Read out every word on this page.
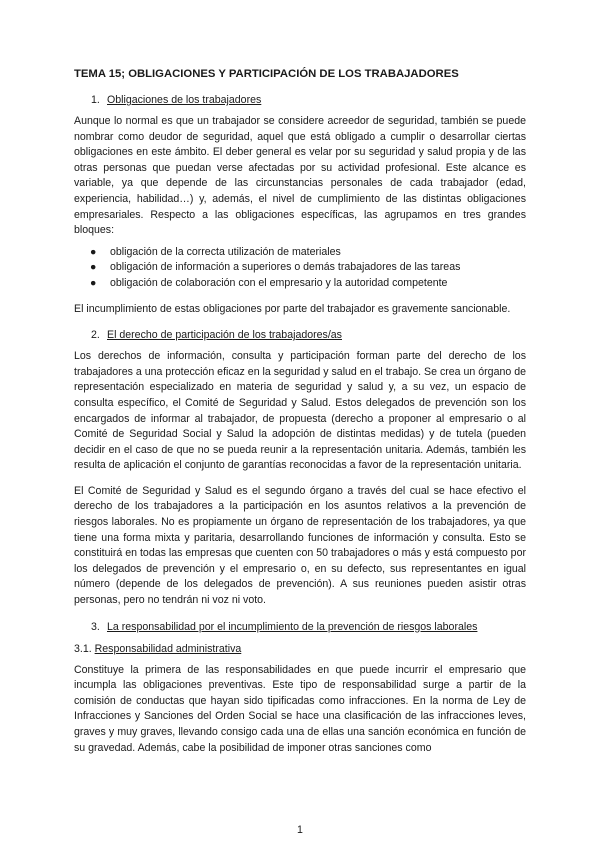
TEMA 15; OBLIGACIONES Y PARTICIPACIÓN DE LOS TRABAJADORES
1. Obligaciones de los trabajadores

Aunque lo normal es que un trabajador se considere acreedor de seguridad, también se puede nombrar como deudor de seguridad, aquel que está obligado a cumplir o desarrollar ciertas obligaciones en este ámbito. El deber general es velar por su seguridad y salud propia y de las otras personas que puedan verse afectadas por su actividad profesional. Este alcance es variable, ya que depende de las circunstancias personales de cada trabajador (edad, experiencia, habilidad…) y, además, el nivel de cumplimiento de las distintas obligaciones empresariales. Respecto a las obligaciones específicas, las agrupamos en tres grandes bloques:

● obligación de la correcta utilización de materiales
● obligación de información a superiores o demás trabajadores de las tareas
● obligación de colaboración con el empresario y la autoridad competente

El incumplimiento de estas obligaciones por parte del trabajador es gravemente sancionable.

2. El derecho de participación de los trabajadores/as

Los derechos de información, consulta y participación forman parte del derecho de los trabajadores a una protección eficaz en la seguridad y salud en el trabajo. Se crea un órgano de representación especializado en materia de seguridad y salud y, a su vez, un espacio de consulta específico, el Comité de Seguridad y Salud. Estos delegados de prevención son los encargados de informar al trabajador, de propuesta (derecho a proponer al empresario o al Comité de Seguridad Social y Salud la adopción de distintas medidas) y de tutela (pueden decidir en el caso de que no se pueda reunir a la representación unitaria. Además, también les resulta de aplicación el conjunto de garantías reconocidas a favor de la representación unitaria.

El Comité de Seguridad y Salud es el segundo órgano a través del cual se hace efectivo el derecho de los trabajadores a la participación en los asuntos relativos a la prevención de riesgos laborales. No es propiamente un órgano de representación de los trabajadores, ya que tiene una forma mixta y paritaria, desarrollando funciones de información y consulta. Esto se constituirá en todas las empresas que cuenten con 50 trabajadores o más y está compuesto por los delegados de prevención y el empresario o, en su defecto, sus representantes en igual número (depende de los delegados de prevención). A sus reuniones pueden asistir otras personas, pero no tendrán ni voz ni voto.

3. La responsabilidad por el incumplimiento de la prevención de riesgos laborales
3.1. Responsabilidad administrativa

Constituye la primera de las responsabilidades en que puede incurrir el empresario que incumpla las obligaciones preventivas. Este tipo de responsabilidad surge a partir de la comisión de conductas que hayan sido tipificadas como infracciones. En la norma de Ley de Infracciones y Sanciones del Orden Social se hace una clasificación de las infracciones leves, graves y muy graves, llevando consigo cada una de ellas una sanción económica en función de su gravedad. Además, cabe la posibilidad de imponer otras sanciones como

1
